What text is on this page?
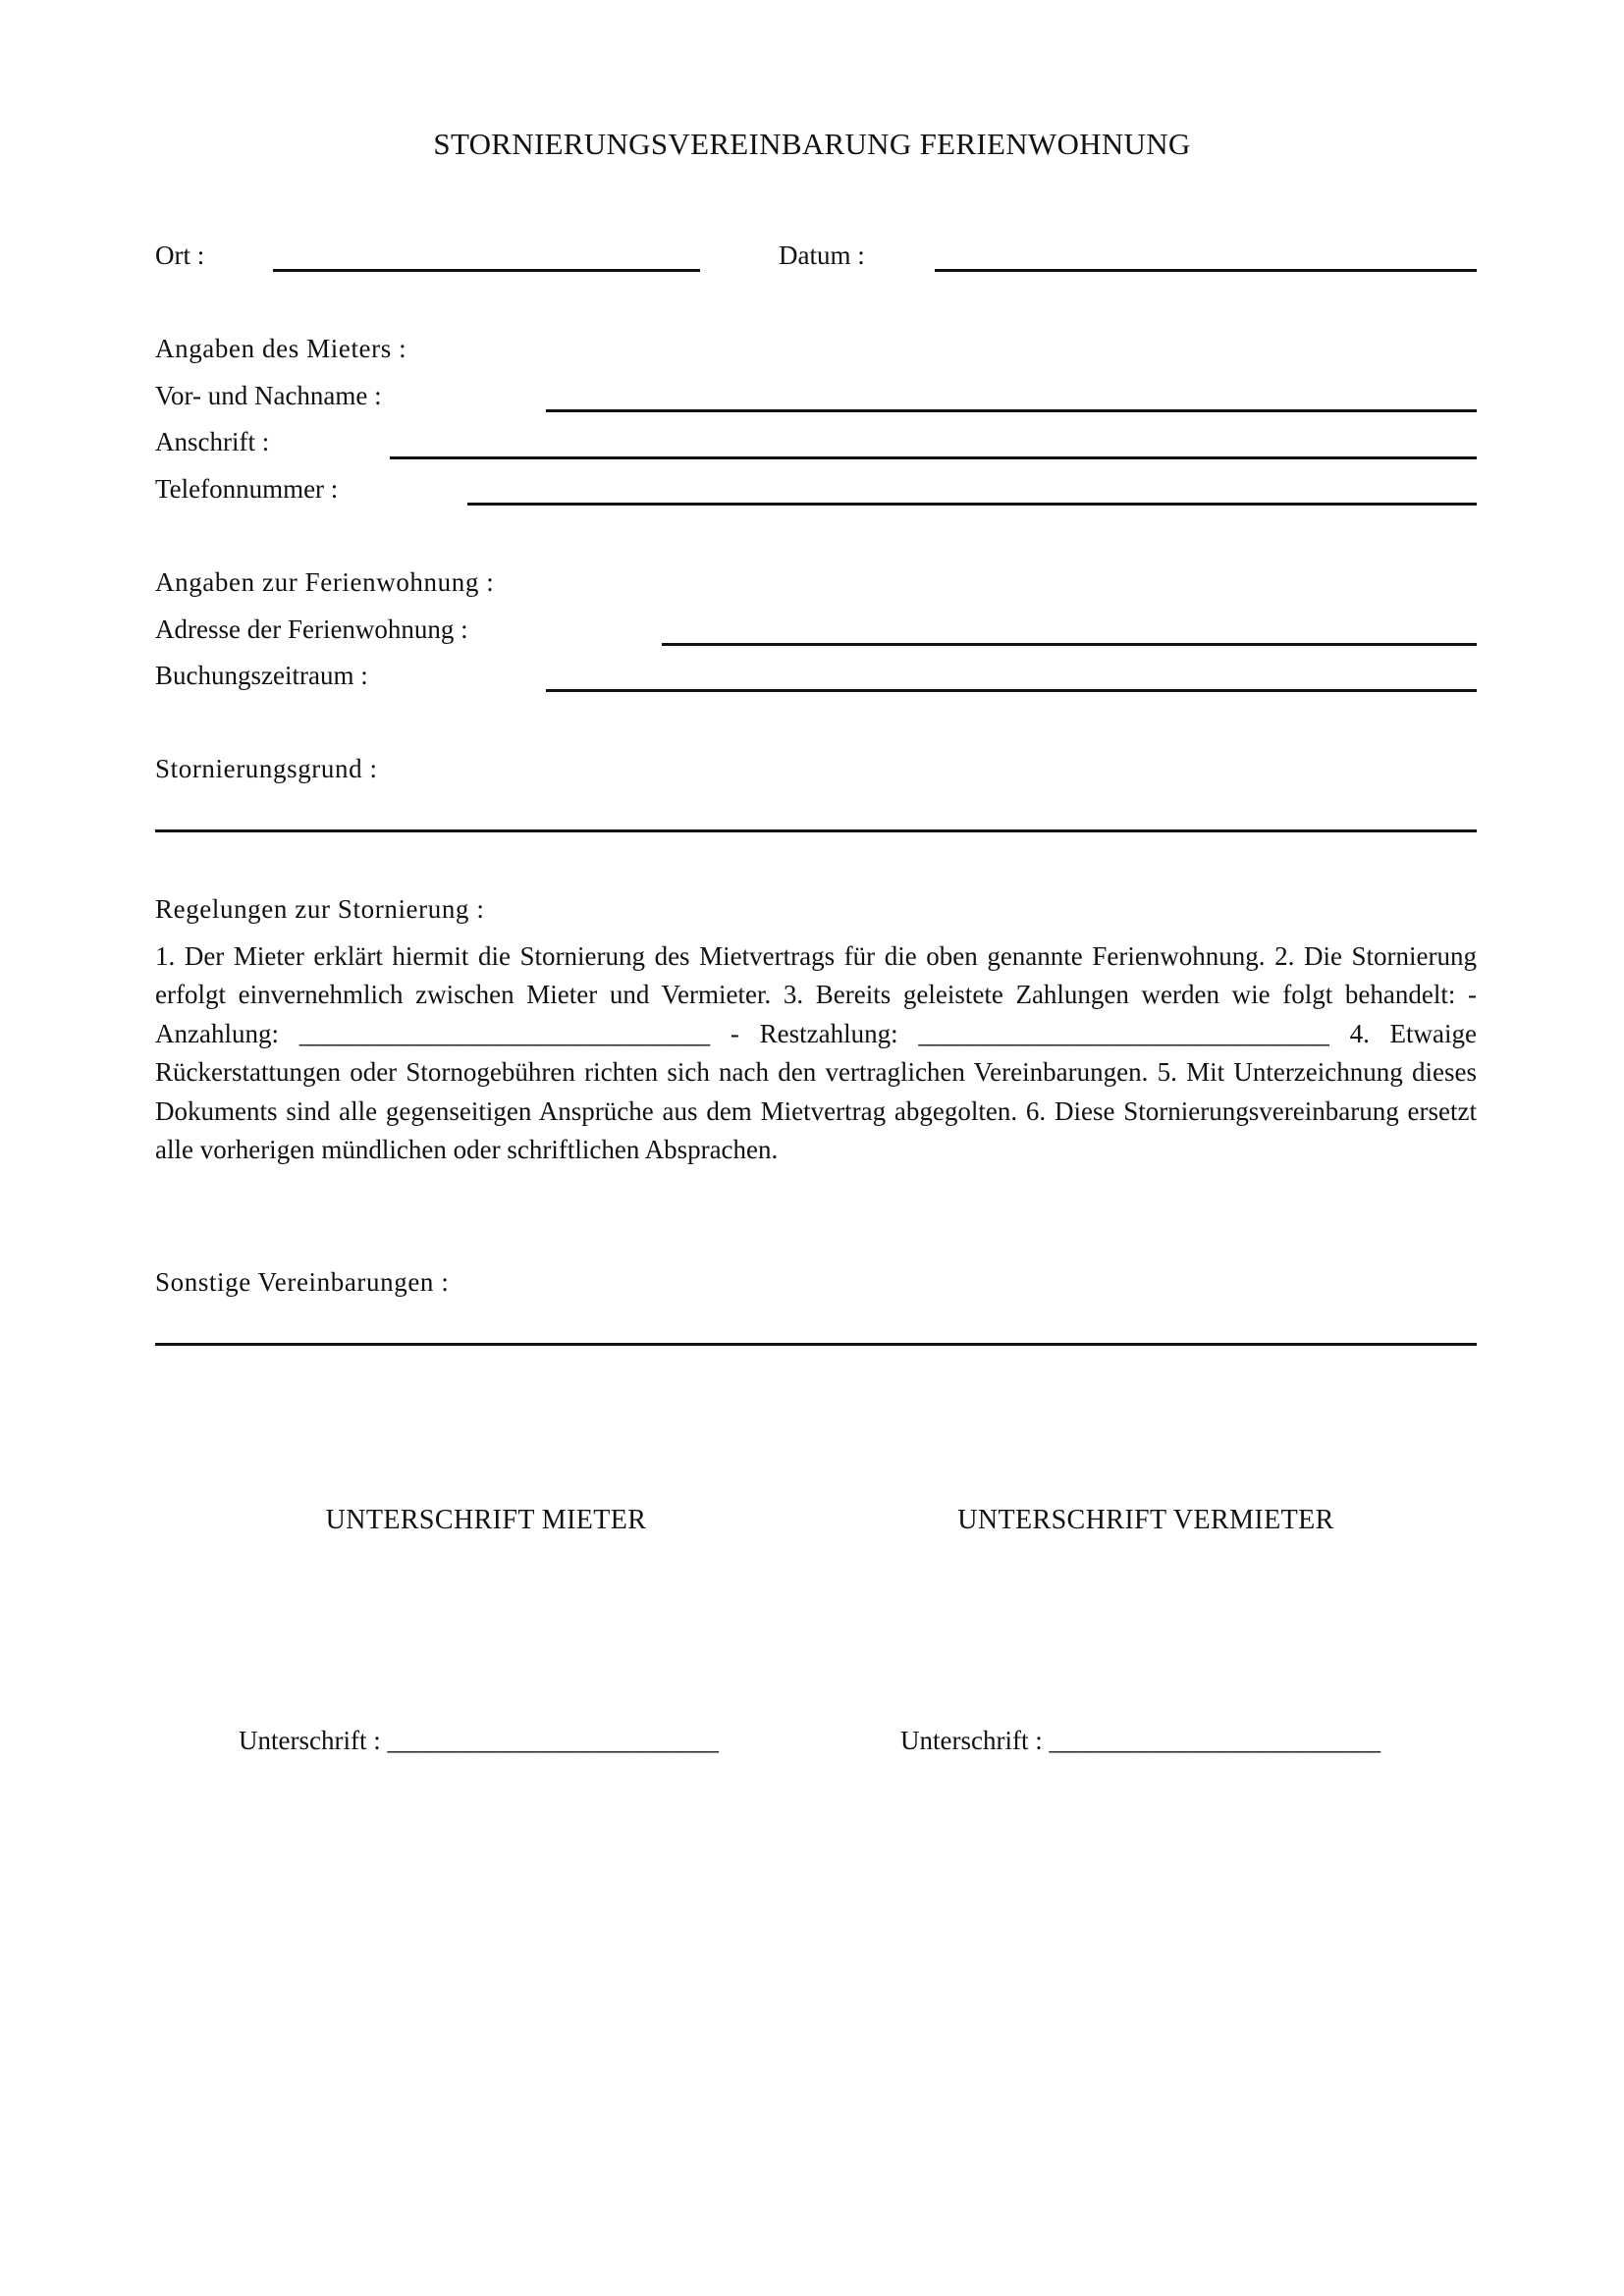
STORNIERUNGSVEREINBARUNG FERIENWOHNUNG
Ort :	Datum :
Angaben des Mieters :
Vor- und Nachname :
Anschrift :
Telefonnummer :
Angaben zur Ferienwohnung :
Adresse der Ferienwohnung :
Buchungszeitraum :
Stornierungsgrund :
Regelungen zur Stornierung :
1. Der Mieter erklärt hiermit die Stornierung des Mietvertrags für die oben genannte Ferienwohnung. 2. Die Stornierung erfolgt einvernehmlich zwischen Mieter und Vermieter. 3. Bereits geleistete Zahlungen werden wie folgt behandelt: - Anzahlung: _______________________________ - Restzahlung: _______________________________ 4. Etwaige Rückerstattungen oder Stornogebühren richten sich nach den vertraglichen Vereinbarungen. 5. Mit Unterzeichnung dieses Dokuments sind alle gegenseitigen Ansprüche aus dem Mietvertrag abgegolten. 6. Diese Stornierungsvereinbarung ersetzt alle vorherigen mündlichen oder schriftlichen Absprachen.
Sonstige Vereinbarungen :
UNTERSCHRIFT MIETER	UNTERSCHRIFT VERMIETER
Unterschrift : _________________________	Unterschrift : _________________________
